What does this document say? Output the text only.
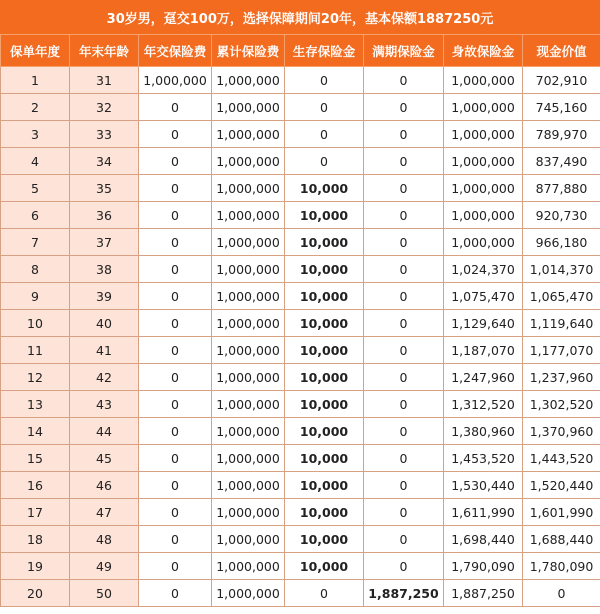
30岁男，趸交100万，选择保障期间20年，基本保额1887250元
保单年度	年末年龄	年交保险费	累计保险费	生存保险金	满期保险金	身故保险金	现金价值
1	31	1,000,000	1,000,000	0	0	1,000,000	702,910
2	32	0	1,000,000	0	0	1,000,000	745,160
3	33	0	1,000,000	0	0	1,000,000	789,970
4	34	0	1,000,000	0	0	1,000,000	837,490
5	35	0	1,000,000	10,000	0	1,000,000	877,880
6	36	0	1,000,000	10,000	0	1,000,000	920,730
7	37	0	1,000,000	10,000	0	1,000,000	966,180
8	38	0	1,000,000	10,000	0	1,024,370	1,014,370
9	39	0	1,000,000	10,000	0	1,075,470	1,065,470
10	40	0	1,000,000	10,000	0	1,129,640	1,119,640
11	41	0	1,000,000	10,000	0	1,187,070	1,177,070
12	42	0	1,000,000	10,000	0	1,247,960	1,237,960
13	43	0	1,000,000	10,000	0	1,312,520	1,302,520
14	44	0	1,000,000	10,000	0	1,380,960	1,370,960
15	45	0	1,000,000	10,000	0	1,453,520	1,443,520
16	46	0	1,000,000	10,000	0	1,530,440	1,520,440
17	47	0	1,000,000	10,000	0	1,611,990	1,601,990
18	48	0	1,000,000	10,000	0	1,698,440	1,688,440
19	49	0	1,000,000	10,000	0	1,790,090	1,780,090
20	50	0	1,000,000	0	1,887,250	1,887,250	0
